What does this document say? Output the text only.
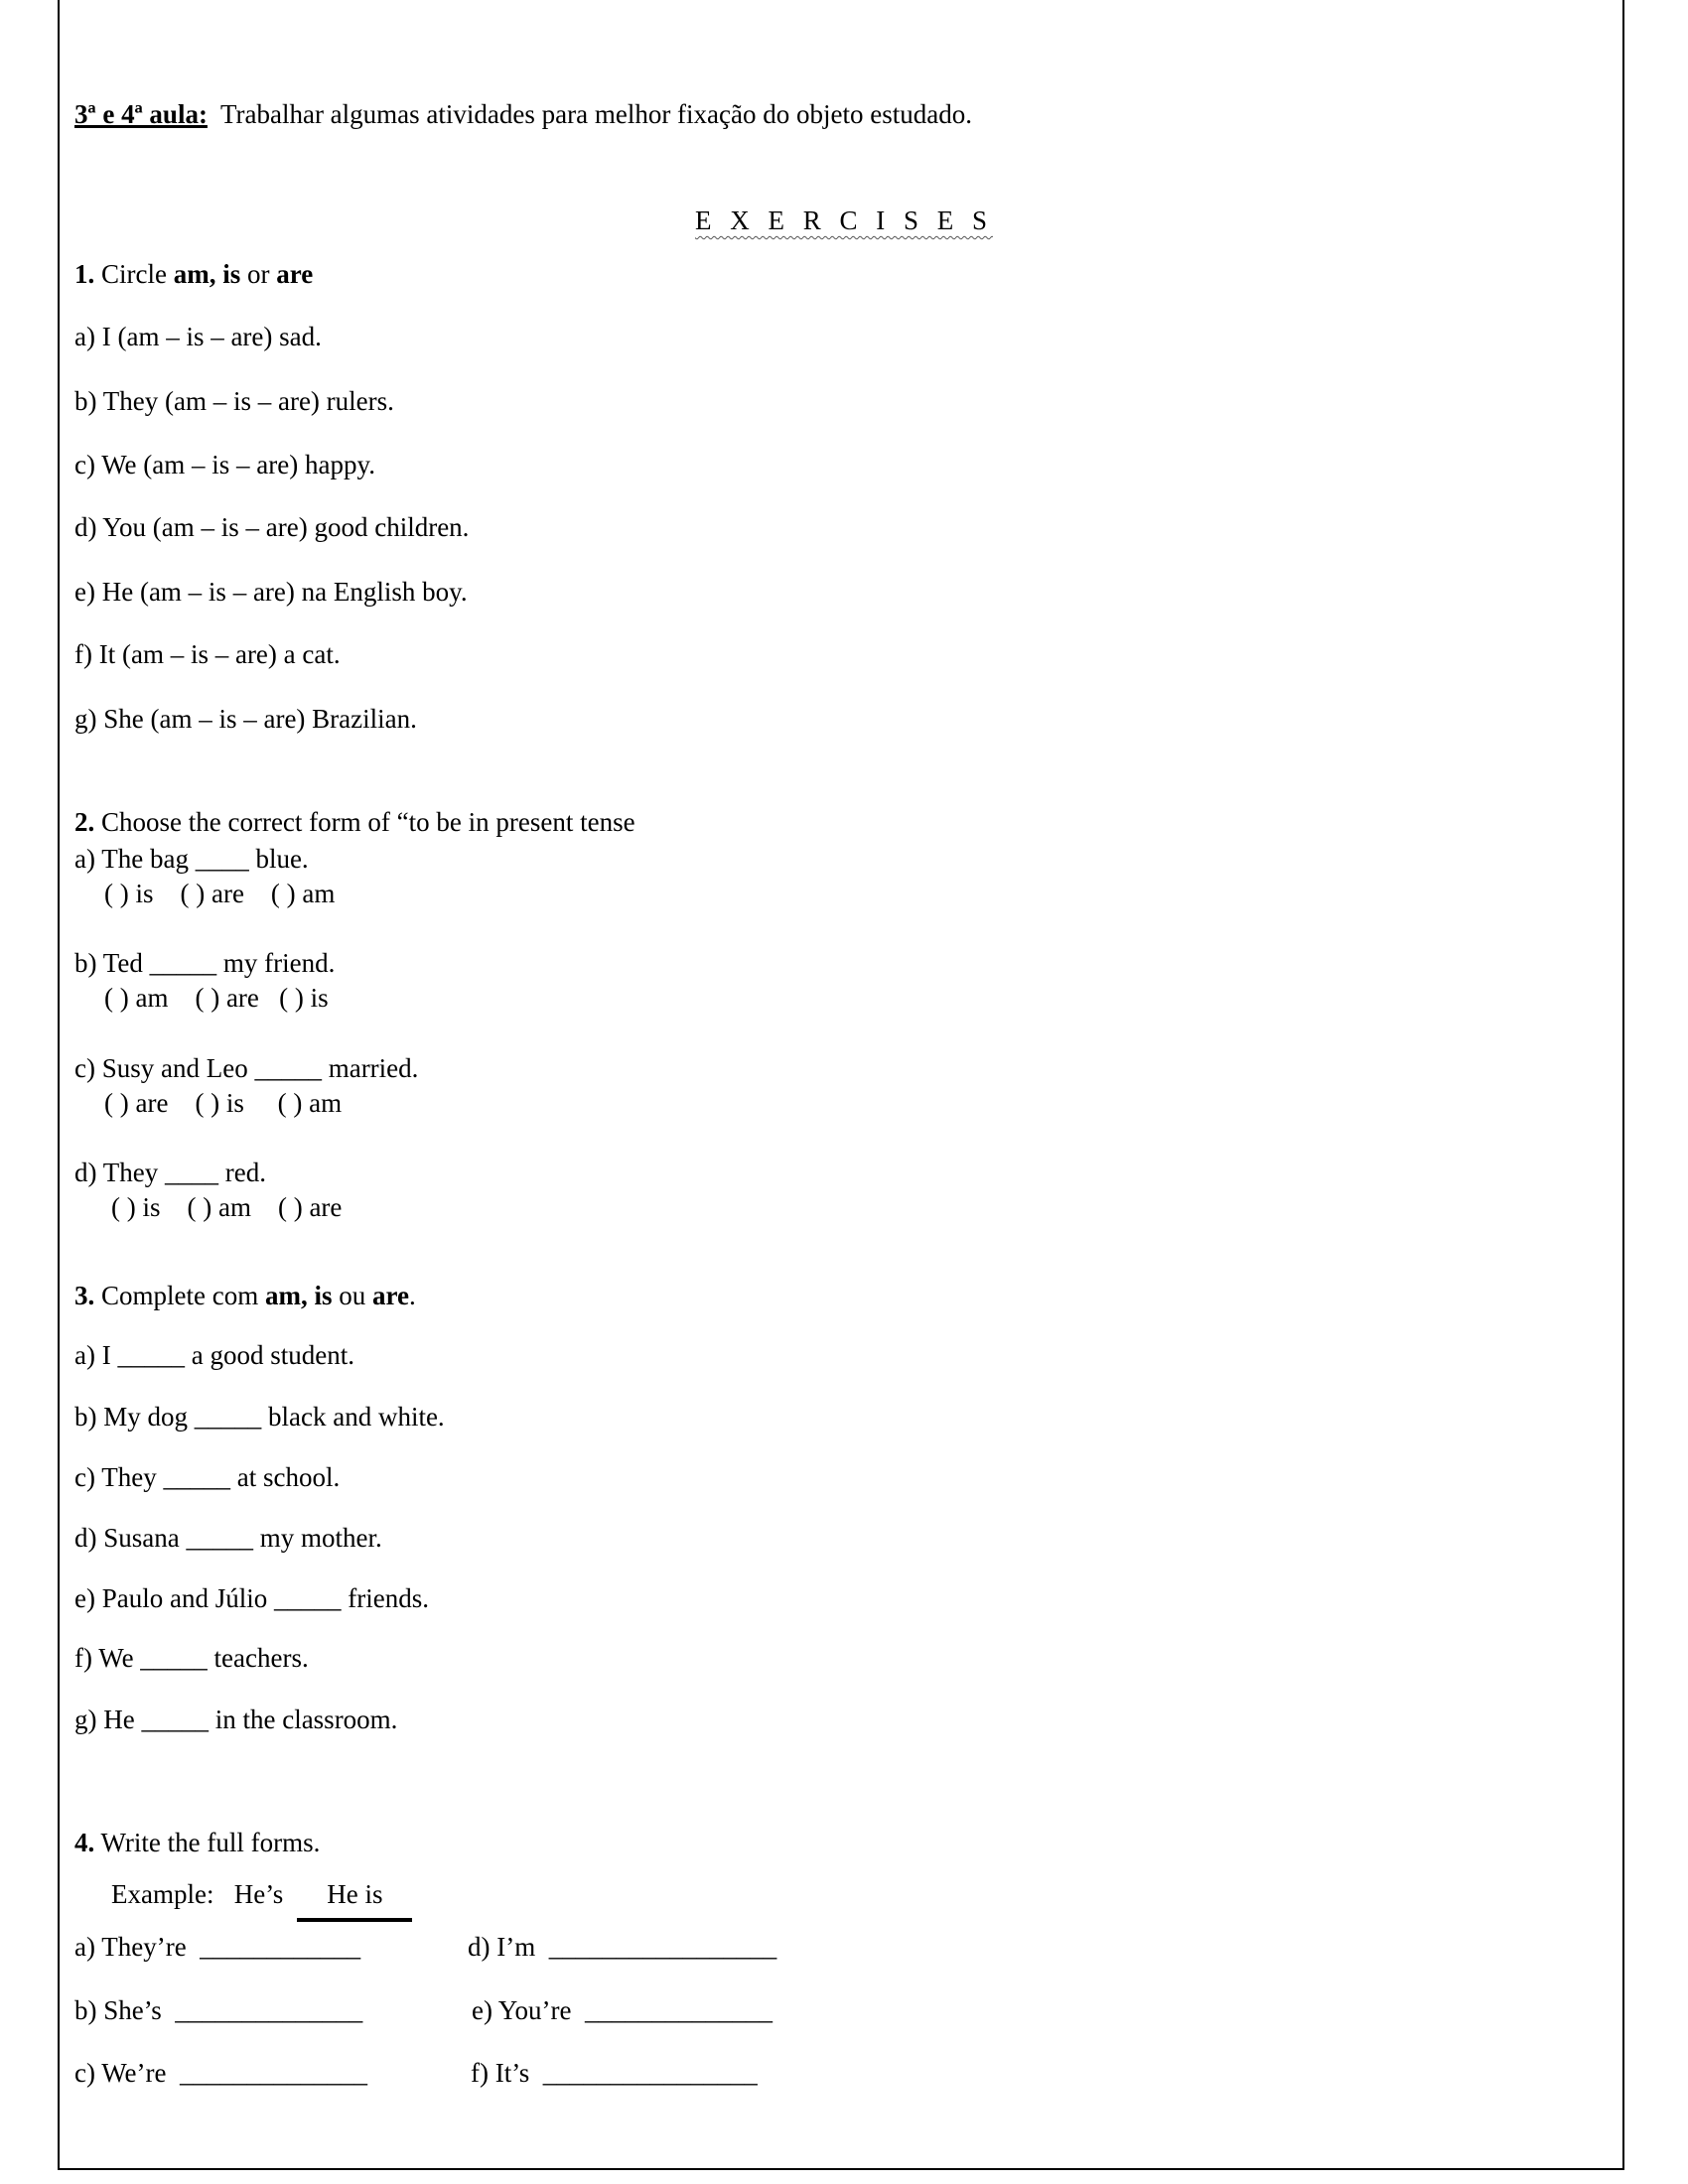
3ª e 4ª aula: Trabalhar algumas atividades para melhor fixação do objeto estudado.
E X E R C I S E S
1. Circle am, is or are
a) I (am – is – are) sad.
b) They (am – is – are) rulers.
c) We (am – is – are) happy.
d) You (am – is – are) good children.
e) He (am – is – are) na English boy.
f) It (am – is – are) a cat.
g) She (am – is – are) Brazilian.
2. Choose the correct form of “to be in present tense
a) The bag ____ blue.
( ) is    ( ) are    ( ) am
b) Ted _____ my friend.
( ) am    ( ) are   ( ) is
c) Susy and Leo _____ married.
( ) are    ( ) is     ( ) am
d) They ____ red.
( ) is    ( ) am    ( ) are
3. Complete com am, is ou are.
a) I _____ a good student.
b) My dog _____ black and white.
c) They _____ at school.
d) Susana _____ my mother.
e) Paulo and Júlio _____ friends.
f) We _____ teachers.
g) He _____ in the classroom.
4. Write the full forms.
Example:   He’s He is
a) They’re  ____________
b) She’s  ______________
c) We’re  ______________
d) I’m  _________________
e) You’re  ______________
f) It’s  ________________
